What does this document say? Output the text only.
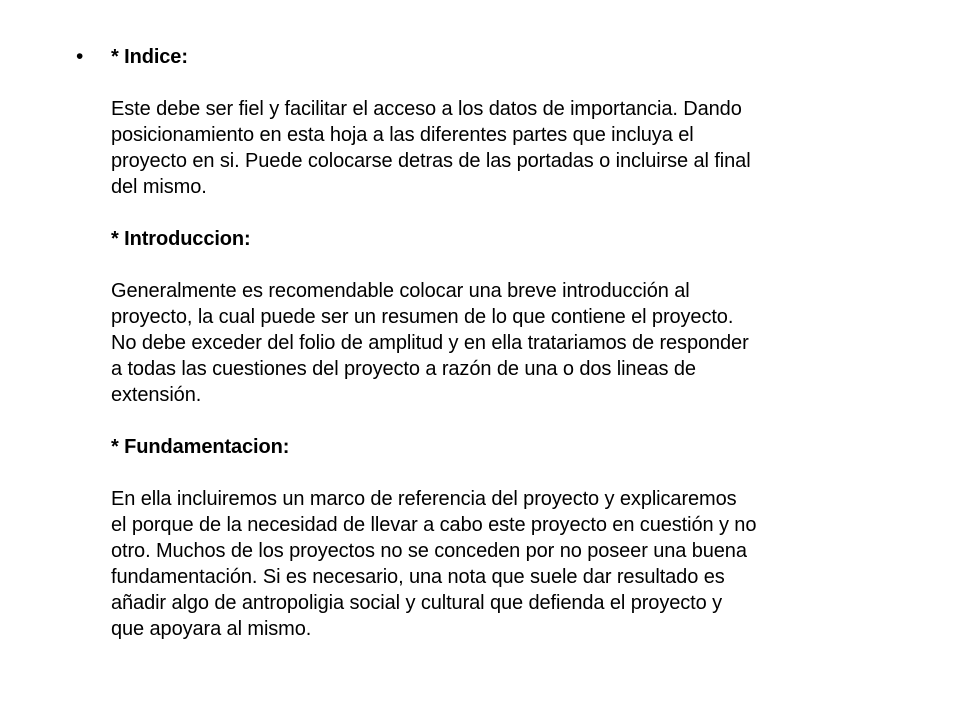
• * Indice:

Este debe ser fiel y facilitar el acceso a los datos de importancia. Dando
posicionamiento en esta hoja a las diferentes partes que incluya el
proyecto en si. Puede colocarse detras de las portadas o incluirse al final
del mismo.

* Introduccion:

Generalmente es recomendable colocar una breve introducción al
proyecto, la cual puede ser un resumen de lo que contiene el proyecto.
No debe exceder del folio de amplitud y en ella tratariamos de responder
a todas las cuestiones del proyecto a razón de una o dos lineas de
extensión.

* Fundamentacion:

En ella incluiremos un marco de referencia del proyecto y explicaremos
el porque de la necesidad de llevar a cabo este proyecto en cuestión y no
otro. Muchos de los proyectos no se conceden por no poseer una buena
fundamentación. Si es necesario, una nota que suele dar resultado es
añadir algo de antropoligia social y cultural que defienda el proyecto y
que apoyara al mismo.
